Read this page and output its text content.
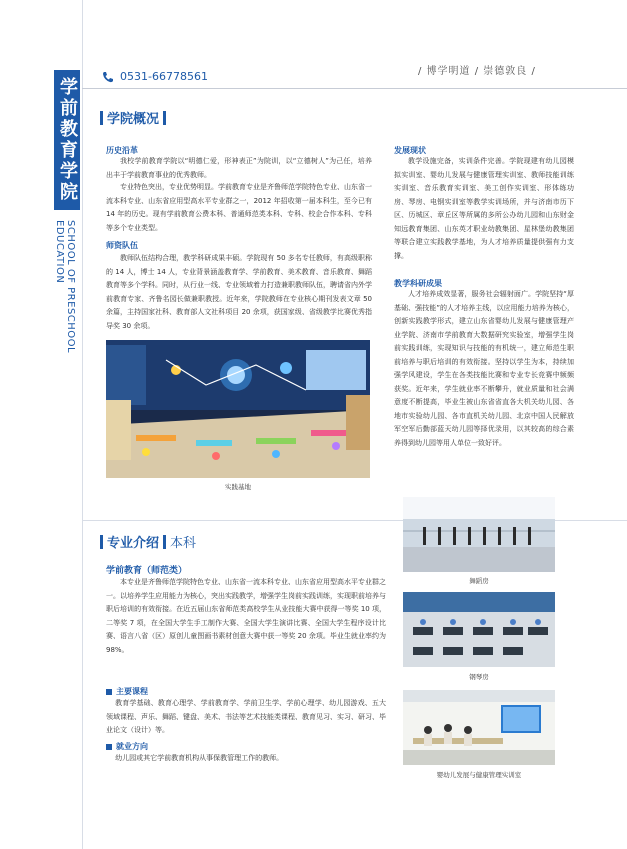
学前教育学院
SCHOOL OF PRESCHOOL EDUCATION
0531-66778561	/ 博学明道 / 崇德敦良 /
学院概况
历史沿革
我校学前教育学院以“明德仁爱，形神表正”为院训，以“立德树人”为己任，培养出丰于学前教育事业的优秀教师。
专业特色突出，专业优势明显。学前教育专业是齐鲁师范学院特色专业、山东省一流本科专业、山东省应用型高水平专业群之一，2012 年招收第一届本科生，至今已有 14 年的历史。现有学前教育公费本科、普通师范类本科、专科、校企合作本科、专科等多个专业类型。
师资队伍
教师队伍结构合理，教学科研成果丰硕。学院现有 50 多名专任教师，有高级职称的 14 人，博士 14 人，专业背景涵盖教育学、学前教育、美术教育、音乐教育、舞蹈教育等多个学科。同时，从行业一线、专业领域着力打造兼职教师队伍，聘请省内外学前教育专家、齐鲁名园长做兼职教授。近年来，学院教师在专业核心期刊发表文章 50 余篇，主持国家社科、教育部人文社科项目 20 余项，获国家级、省级教学比赛优秀指导奖 30 余项。
实践基地
发展现状
教学设施完备，实训条件完善。学院现建有幼儿园模拟实训室、婴幼儿发展与健康管理实训室、教师技能训练实训室、音乐教育实训室、美工创作实训室、形体练功房、琴房、电钢实训室等教学实训场所，并与济南市历下区、历城区、章丘区等所属的多所公办幼儿园和山东财金知远教育集团、山东英才职业幼教集团、星林堡幼教集团等联合建立实践教学基地，为人才培养质量提供强有力支撑。
教学科研成果
人才培养成效显著，服务社会辐射面广。学院坚持“厚基础、强技能”的人才培养主线，以应用能力培养为核心，创新实践教学形式，建立山东省婴幼儿发展与健康管理产业学院、济南市学前教育大数据研究实验室，增强学生岗前实践训练，实现知识与技能的有机统一，建立师范生职前培养与职后培训的有效衔接。坚持以学生为本，持续加强学风建设，学生在各类技能比赛和专业专长竞赛中频频获奖。近年来，学生就业率不断攀升，就业质量和社会满意度不断提高，毕业生被山东省省直各大机关幼儿园、各地市实验幼儿园、各市直机关幼儿园、北京中国人民解放军空军后勤部蓝天幼儿园等择优录用，以其较高的综合素养得到幼儿园等用人单位一致好评。
专业介绍 本科
学前教育（师范类）
本专业是齐鲁师范学院特色专业、山东省一流本科专业、山东省应用型高水平专业群之一。以培养学生应用能力为核心，突出实践教学，增强学生岗前实践训练，实现职前培养与职后培训的有效衔接。在近五届山东省师范类高校学生从业技能大赛中获得一等奖 10 项，二等奖 7 项，在全国大学生手工制作大赛、全国大学生演讲比赛、全国大学生程序设计比赛、语言八省（区）原创儿童图画书素材创意大赛中获一等奖 20 余项。毕业生就业率约为 98%。
主要课程
教育学基础、教育心理学、学前教育学、学前卫生学、学前心理学、幼儿园游戏、五大领域课程、声乐、舞蹈、键盘、美术、书法等艺术技能类课程、教育见习、实习、研习、毕业论文（设计）等。
就业方向
幼儿园或其它学前教育机构从事保教管理工作的教师。
舞蹈房
钢琴房
婴幼儿发展与健康管理实训室
